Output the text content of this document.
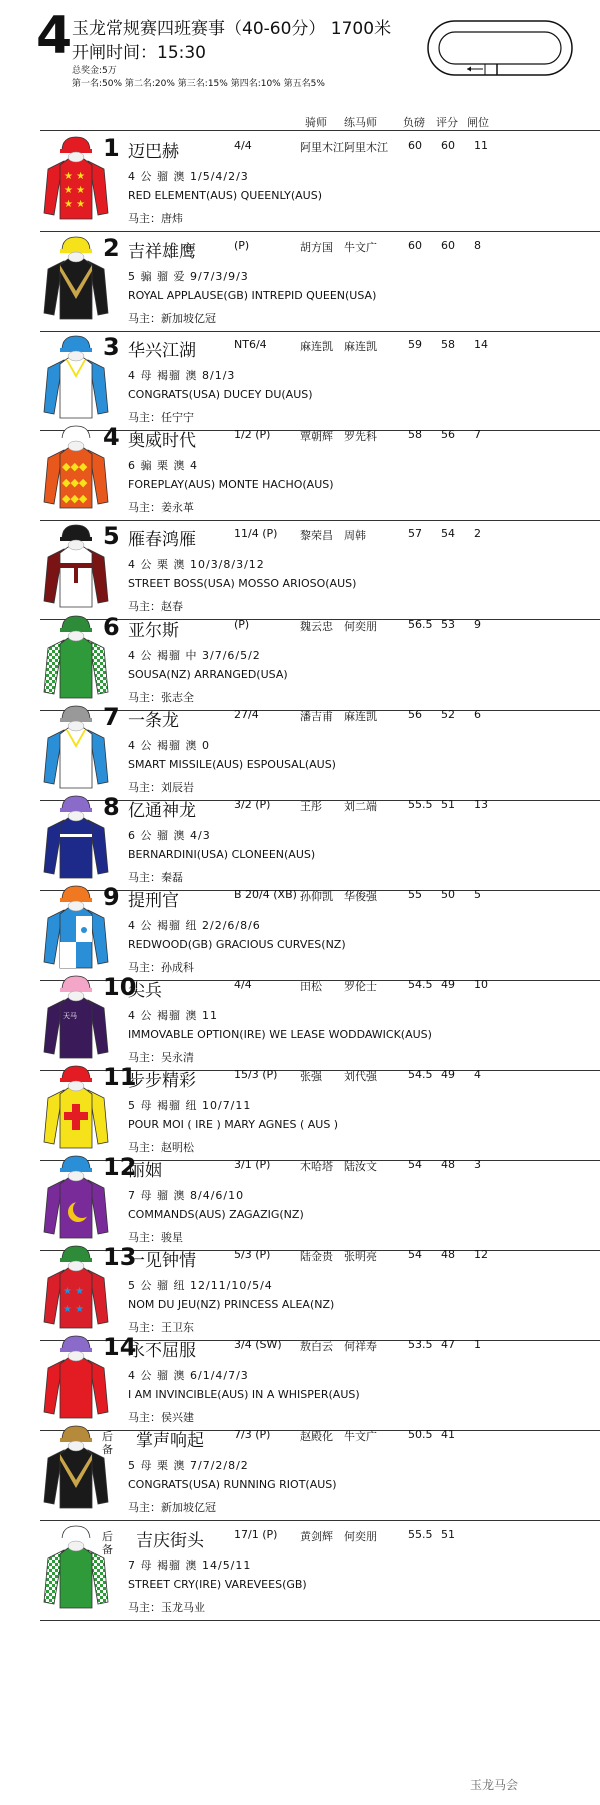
4 玉龙常规赛四班赛事（40-60分） 1700米
开闸时间：15:30
总奖金:5万
第一名:50% 第二名:20% 第三名:15% 第四名:10% 第五名5%
骑师 练马师 负磅 评分 闸位
★ ★
★ ★
★ ★
1 迈巴赫	4/4	阿里木江 阿里木江 60	60 11
4 公 骝 澳 1/5/4/2/3
RED ELEMENT(AUS) QUEENLY(AUS)
马主：唐炜
2 吉祥雄鹰	(P)	胡方国 牛文广	60	60 8
5 骟 骝 爱 9/7/3/9/3
ROYAL APPLAUSE(GB) INTREPID QUEEN(USA)
马主：新加坡亿冠
3 华兴江湖	NT6/4	麻连凯 麻连凯	59	58 14
4 母 褐骝 澳 8/1/3
CONGRATS(USA) DUCEY DU(AUS)
马主：任宁宁
◆◆◆
◆◆◆
◆◆◆
4 奥威时代	1/2 (P)	覃朝辉 罗先科	58	56 7
6 骟 栗 澳 4
FOREPLAY(AUS) MONTE HACHO(AUS)
马主：姜永革
5 雁春鸿雁	11/4 (P) 黎荣昌 周韩	57	54 2
4 公 栗 澳 10/3/8/3/12
STREET BOSS(USA) MOSSO ARIOSO(AUS)
马主：赵春
6 亚尔斯	(P)	魏云忠 何奕朋	56.5 53 9
4 公 褐骝 中 3/7/6/5/2
SOUSA(NZ) ARRANGED(USA)
马主：张志全
7 一条龙	27/4	潘吉甫 麻连凯	56	52 6
4 公 褐骝 澳 0
SMART MISSILE(AUS) ESPOUSAL(AUS)
马主：刘辰岩
8 亿通神龙	3/2 (P)	王彤 刘二端	55.5 51 13
6 公 骝 澳 4/3
BERNARDINI(USA) CLONEEN(AUS)
马主：秦磊
9 提刑官	B 20/4 (XB) 孙仰凯 华俊强	55	50 5
4 公 褐骝 纽 2/2/6/8/6
REDWOOD(GB) GRACIOUS CURVES(NZ)
马主：孙成科
天马
10
尖兵	4/4	田松 罗伦士	54.5 49 10
4 公 褐骝 澳 11
IMMOVABLE OPTION(IRE) WE LEASE WODDAWICK(AUS)
马主：吴永清
11
步步精彩	15/3 (P) 张强 刘代强	54.5 49 4
5 母 褐骝 纽 10/7/11
POUR MOI ( IRE ) MARY AGNES ( AUS )
马主：赵明松
12
丽姻	3/1 (P)	木哈塔 陆汝文	54	48 3
7 母 骝 澳 8/4/6/10
COMMANDS(AUS) ZAGAZIG(NZ)
马主：骏星
★ ★
★ ★
13
一见钟情	5/3 (P)	陆金贵 张明亮	54	48 12
5 公 骝 纽 12/11/10/5/4
NOM DU JEU(NZ) PRINCESS ALEA(NZ)
马主：王卫东
14
永不屈服	3/4 (SW) 敖白云 何祥寿	53.5 47 1
4 公 骝 澳 6/1/4/7/3
I AM INVINCIBLE(AUS) IN A WHISPER(AUS)
马主：侯兴建
后备 掌声响起	7/3 (P)	赵殿化 牛文广	50.5 41
5 母 栗 澳 7/7/2/8/2
CONGRATS(USA) RUNNING RIOT(AUS)
马主：新加坡亿冠
后备 吉庆街头	17/1 (P) 黄剑辉 何奕朋	55.5 51
7 母 褐骝 澳 14/5/11
STREET CRY(IRE) VAREVEES(GB)
马主：玉龙马业
玉龙马会
